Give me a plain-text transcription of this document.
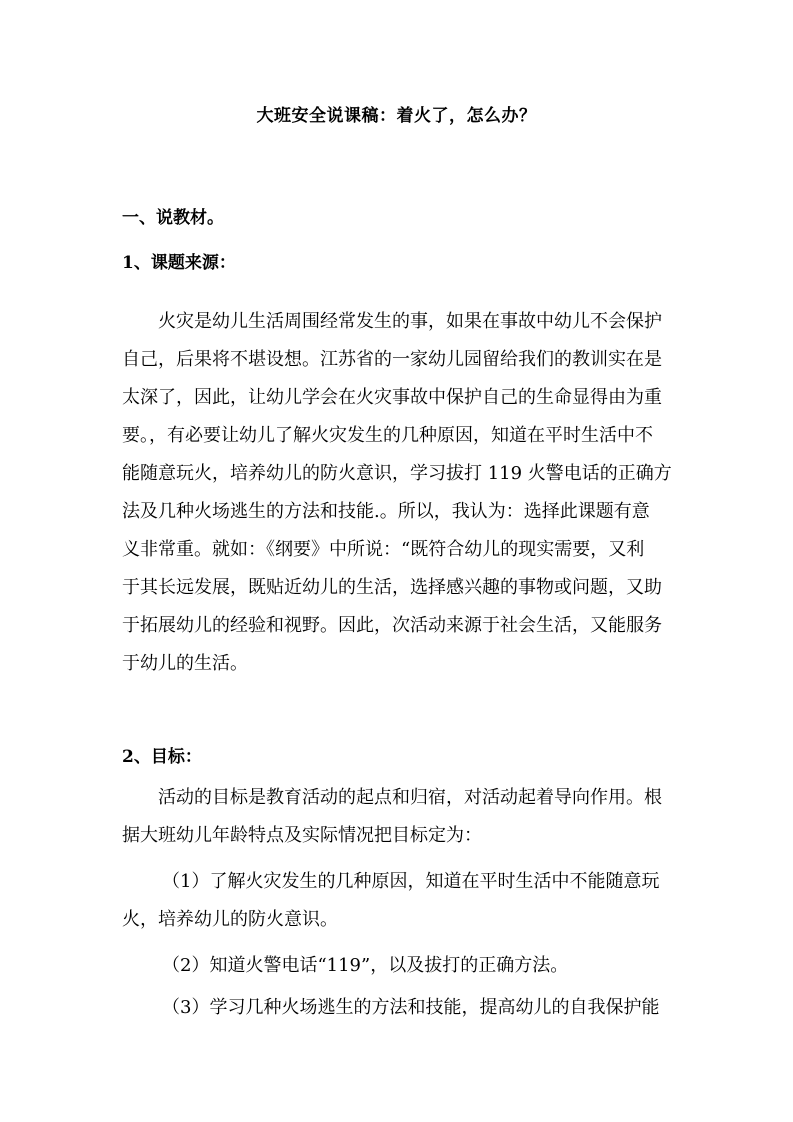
大班安全说课稿：着火了，怎么办？
一、说教材。
1、课题来源：
火灾是幼儿生活周围经常发生的事，如果在事故中幼儿不会保护
自己，后果将不堪设想。江苏省的一家幼儿园留给我们的教训实在是
太深了，因此，让幼儿学会在火灾事故中保护自己的生命显得由为重
要。，有必要让幼儿了解火灾发生的几种原因，知道在平时生活中不
能随意玩火，培养幼儿的防火意识，学习拔打 119 火警电话的正确方
法及几种火场逃生的方法和技能.。所以，我认为：选择此课题有意
义非常重。就如：《纲要》中所说：“既符合幼儿的现实需要，又利
于其长远发展，既贴近幼儿的生活，选择感兴趣的事物或问题，又助
于拓展幼儿的经验和视野。因此，次活动来源于社会生活，又能服务
于幼儿的生活。
2、目标：
活动的目标是教育活动的起点和归宿，对活动起着导向作用。根
据大班幼儿年龄特点及实际情况把目标定为：
（1）了解火灾发生的几种原因，知道在平时生活中不能随意玩
火，培养幼儿的防火意识。
（2）知道火警电话“119”，以及拔打的正确方法。
（3）学习几种火场逃生的方法和技能，提高幼儿的自我保护能
